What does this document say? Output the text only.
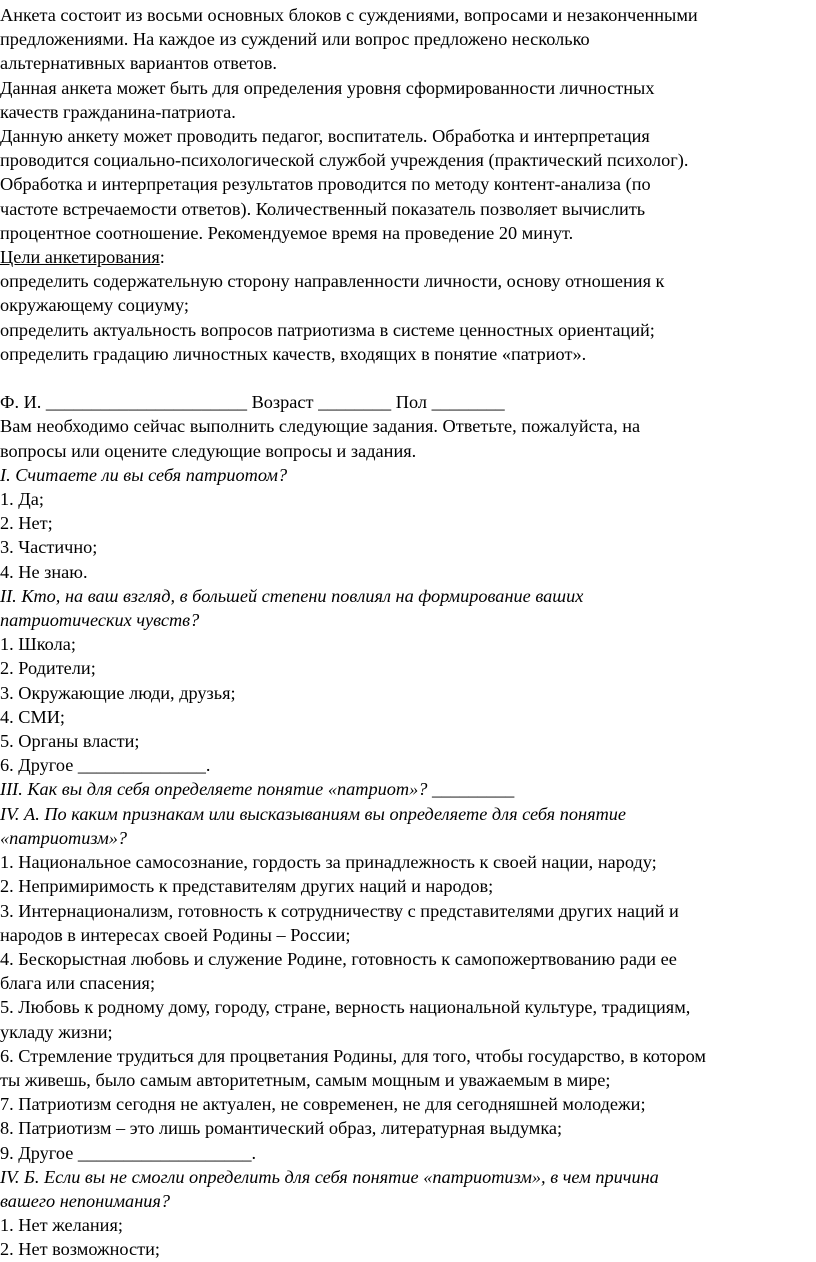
Анкета состоит из восьми основных блоков с суждениями, вопросами и незаконченными

предложениями. На каждое из суждений или вопрос предложено несколько

альтернативных вариантов ответов.

Данная анкета может быть для определения уровня сформированности личностных

качеств гражданина-патриота.

Данную анкету может проводить педагог, воспитатель. Обработка и интерпретация

проводится социально-психологической службой учреждения (практический психолог).

Обработка и интерпретация результатов проводится по методу контент-анализа (по

частоте встречаемости ответов). Количественный показатель позволяет вычислить

процентное соотношение. Рекомендуемое время на проведение 20 минут.

Цели анкетирования:

определить содержательную сторону направленности личности, основу отношения к

окружающему социуму;

определить актуальность вопросов патриотизма в системе ценностных ориентаций;

определить градацию личностных качеств, входящих в понятие «патриот».

Ф. И. ______________________ Возраст ________ Пол ________

Вам необходимо сейчас выполнить следующие задания. Ответьте, пожалуйста, на

вопросы или оцените следующие вопросы и задания.

I. Считаете ли вы себя патриотом?

1. Да;

2. Нет;

3. Частично;

4. Не знаю.

II. Кто, на ваш взгляд, в большей степени повлиял на формирование ваших

патриотических чувств?

1. Школа;

2. Родители;

3. Окружающие люди, друзья;

4. СМИ;

5. Органы власти;

6. Другое ______________.

III. Как вы для себя определяете понятие «патриот»? _________

IV. А. По каким признакам или высказываниям вы определяете для себя понятие

«патриотизм»?

1. Национальное самосознание, гордость за принадлежность к своей нации, народу;

2. Непримиримость к представителям других наций и народов;

3. Интернационализм, готовность к сотрудничеству с представителями других наций и

народов в интересах своей Родины – России;

4. Бескорыстная любовь и служение Родине, готовность к самопожертвованию ради ее

блага или спасения;

5. Любовь к родному дому, городу, стране, верность национальной культуре, традициям,

укладу жизни;

6. Стремление трудиться для процветания Родины, для того, чтобы государство, в котором

ты живешь, было самым авторитетным, самым мощным и уважаемым в мире;

7. Патриотизм сегодня не актуален, не современен, не для сегодняшней молодежи;

8. Патриотизм – это лишь романтический образ, литературная выдумка;

9. Другое ___________________.

IV. Б. Если вы не смогли определить для себя понятие «патриотизм», в чем причина

вашего непонимания?

1. Нет желания;

2. Нет возможности;
